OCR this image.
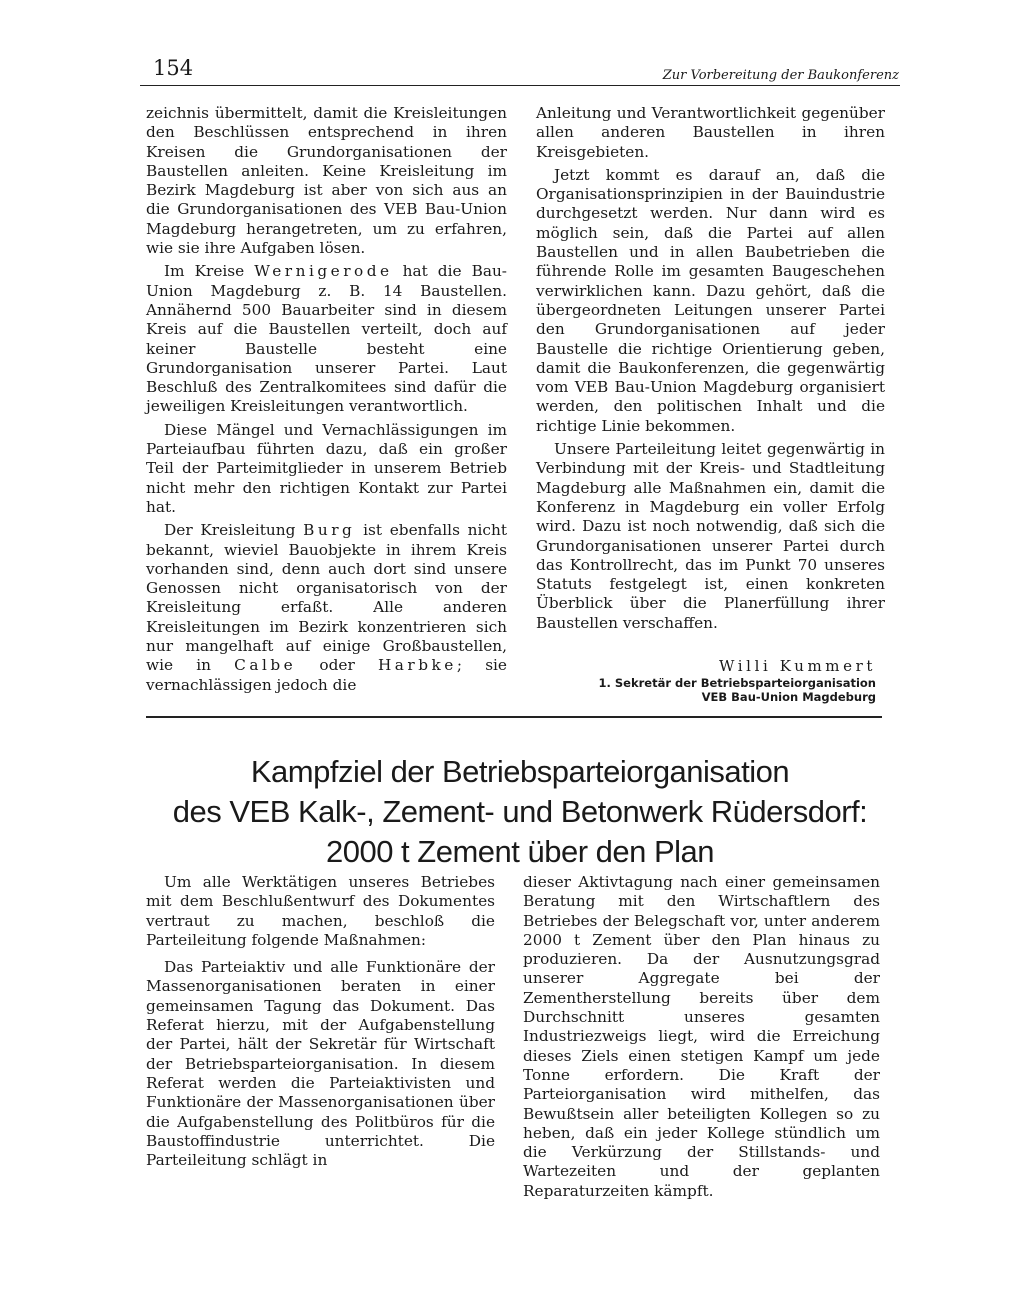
154	Zur Vorbereitung der Baukonferenz

zeichnis übermittelt, damit die Kreisleitungen den Beschlüssen entsprechend in ihren Kreisen die Grundorganisationen der Baustellen anleiten. Keine Kreisleitung im Bezirk Magdeburg ist aber von sich aus an die Grundorganisationen des VEB Bau-Union Magdeburg herangetreten, um zu erfahren, wie sie ihre Aufgaben lösen.

Im Kreise Wernigerode hat die Bau-Union Magdeburg z. B. 14 Baustellen. Annähernd 500 Bauarbeiter sind in diesem Kreis auf die Baustellen verteilt, doch auf keiner Baustelle besteht eine Grundorganisation unserer Partei. Laut Beschluß des Zentralkomitees sind dafür die jeweiligen Kreisleitungen verantwortlich.

Diese Mängel und Vernachlässigungen im Parteiaufbau führten dazu, daß ein großer Teil der Parteimitglieder in unserem Betrieb nicht mehr den richtigen Kontakt zur Partei hat.

Der Kreisleitung Burg ist ebenfalls nicht bekannt, wieviel Bauobjekte in ihrem Kreis vorhanden sind, denn auch dort sind unsere Genossen nicht organisatorisch von der Kreisleitung erfaßt. Alle anderen Kreisleitungen im Bezirk konzentrieren sich nur mangelhaft auf einige Großbaustellen, wie in Calbe oder Harbke; sie vernachlässigen jedoch die

Anleitung und Verantwortlichkeit gegenüber allen anderen Baustellen in ihren Kreisgebieten.

Jetzt kommt es darauf an, daß die Organisationsprinzipien in der Bauindustrie durchgesetzt werden. Nur dann wird es möglich sein, daß die Partei auf allen Baustellen und in allen Baubetrieben die führende Rolle im gesamten Baugeschehen verwirklichen kann. Dazu gehört, daß die übergeordneten Leitungen unserer Partei den Grundorganisationen auf jeder Baustelle die richtige Orientierung geben, damit die Baukonferenzen, die gegenwärtig vom VEB Bau-Union Magdeburg organisiert werden, den politischen Inhalt und die richtige Linie bekommen.

Unsere Parteileitung leitet gegenwärtig in Verbindung mit der Kreis- und Stadtleitung Magdeburg alle Maßnahmen ein, damit die Konferenz in Magdeburg ein voller Erfolg wird. Dazu ist noch notwendig, daß sich die Grundorganisationen unserer Partei durch das Kontrollrecht, das im Punkt 70 unseres Statuts festgelegt ist, einen konkreten Überblick über die Planerfüllung ihrer Baustellen verschaffen.

Willi Kummert
1. Sekretär der Betriebsparteiorganisation
VEB Bau-Union Magdeburg
Kampfziel der Betriebsparteiorganisation
des VEB Kalk-, Zement- und Betonwerk Rüdersdorf:
2000 t Zement über den Plan

Um alle Werktätigen unseres Betriebes mit dem Beschlußentwurf des Dokumentes vertraut zu machen, beschloß die Parteileitung folgende Maßnahmen:

Das Parteiaktiv und alle Funktionäre der Massenorganisationen beraten in einer gemeinsamen Tagung das Dokument. Das Referat hierzu, mit der Aufgabenstellung der Partei, hält der Sekretär für Wirtschaft der Betriebsparteiorganisation. In diesem Referat werden die Parteiaktivisten und Funktionäre der Massenorganisationen über die Aufgabenstellung des Politbüros für die Baustoffindustrie unterrichtet. Die Parteileitung schlägt in

dieser Aktivtagung nach einer gemeinsamen Beratung mit den Wirtschaftlern des Betriebes der Belegschaft vor, unter anderem 2000 t Zement über den Plan hinaus zu produzieren. Da der Ausnutzungsgrad unserer Aggregate bei der Zementherstellung bereits über dem Durchschnitt unseres gesamten Industriezweigs liegt, wird die Erreichung dieses Ziels einen stetigen Kampf um jede Tonne erfordern. Die Kraft der Parteiorganisation wird mithelfen, das Bewußtsein aller beteiligten Kollegen so zu heben, daß ein jeder Kollege stündlich um die Verkürzung der Stillstands- und Wartezeiten und der geplanten Reparaturzeiten kämpft.
